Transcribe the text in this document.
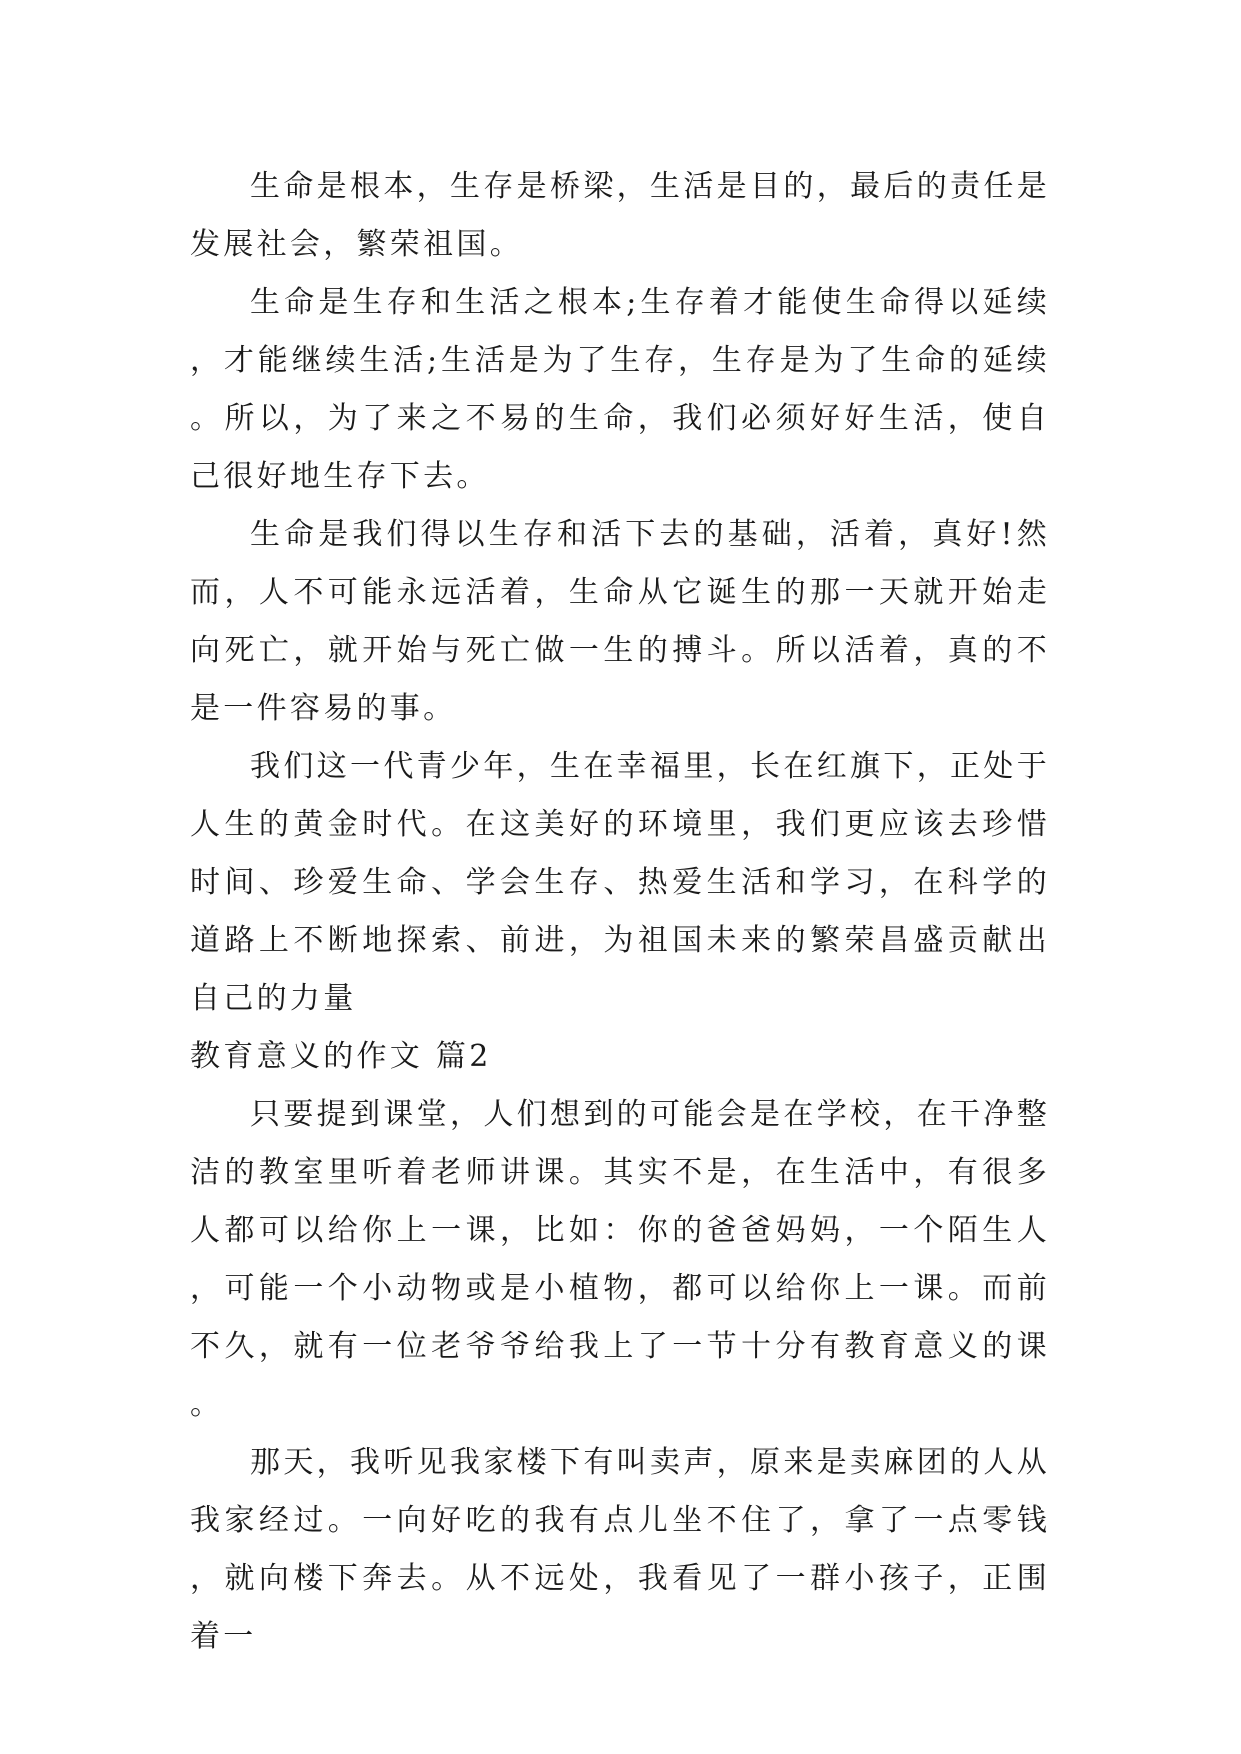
生命是根本，生存是桥梁，生活是目的，最后的责任是发展社会，繁荣祖国。

生命是生存和生活之根本;生存着才能使生命得以延续，才能继续生活;生活是为了生存，生存是为了生命的延续。所以，为了来之不易的生命，我们必须好好生活，使自己很好地生存下去。

生命是我们得以生存和活下去的基础，活着，真好!然而，人不可能永远活着，生命从它诞生的那一天就开始走向死亡，就开始与死亡做一生的搏斗。所以活着，真的不是一件容易的事。

我们这一代青少年，生在幸福里，长在红旗下，正处于人生的黄金时代。在这美好的环境里，我们更应该去珍惜时间、珍爱生命、学会生存、热爱生活和学习，在科学的道路上不断地探索、前进，为祖国未来的繁荣昌盛贡献出自己的力量

教育意义的作文 篇2

只要提到课堂，人们想到的可能会是在学校，在干净整洁的教室里听着老师讲课。其实不是，在生活中，有很多人都可以给你上一课，比如：你的爸爸妈妈，一个陌生人，可能一个小动物或是小植物，都可以给你上一课。而前不久，就有一位老爷爷给我上了一节十分有教育意义的课。

那天，我听见我家楼下有叫卖声，原来是卖麻团的人从我家经过。一向好吃的我有点儿坐不住了，拿了一点零钱，就向楼下奔去。从不远处，我看见了一群小孩子，正围着一
